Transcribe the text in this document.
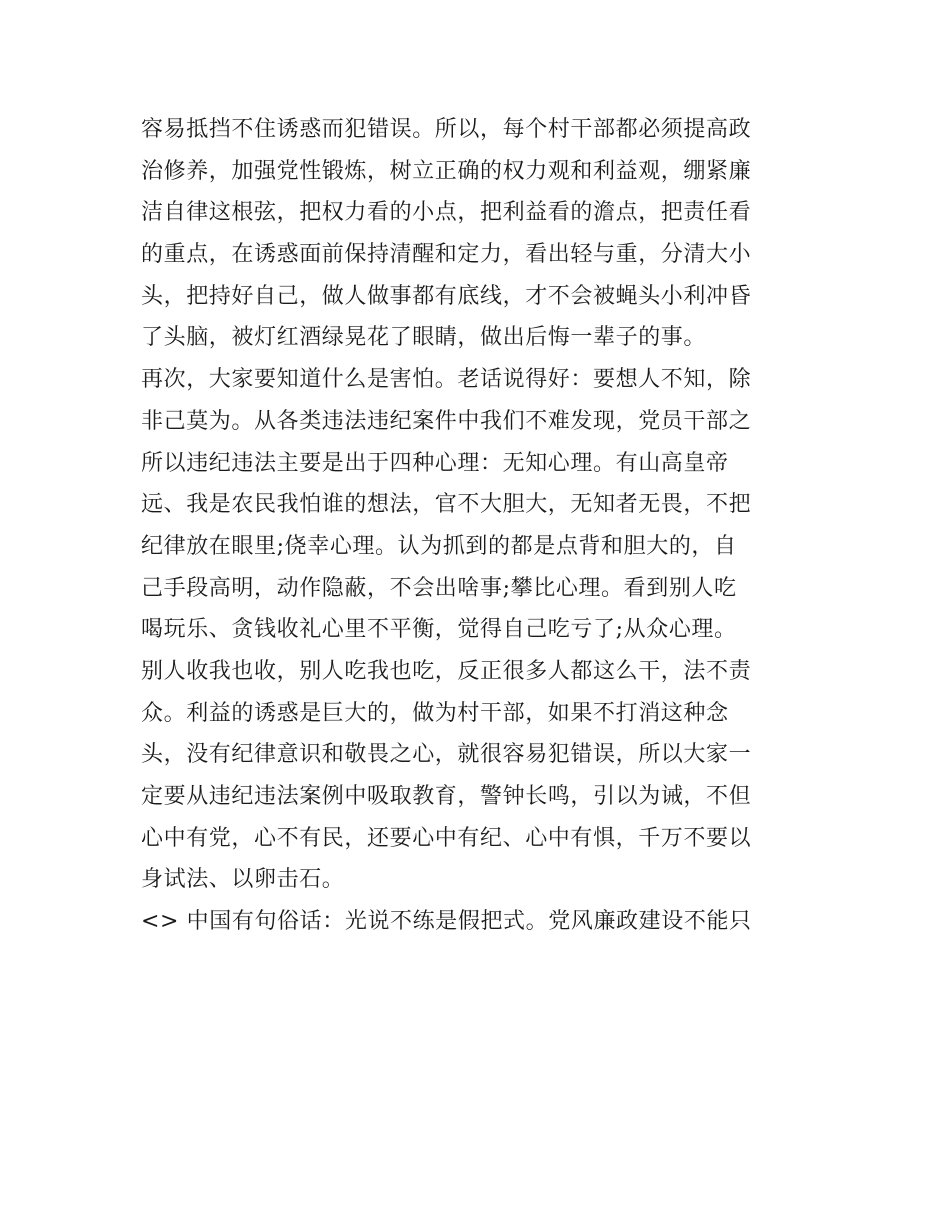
容易抵挡不住诱惑而犯错误。所以，每个村干部都必须提高政
治修养，加强党性锻炼，树立正确的权力观和利益观，绷紧廉
洁自律这根弦，把权力看的小点，把利益看的澹点，把责任看
的重点，在诱惑面前保持清醒和定力，看出轻与重，分清大小
头，把持好自己，做人做事都有底线，才不会被蝇头小利冲昏
了头脑，被灯红酒绿晃花了眼睛，做出后悔一辈子的事。
再次，大家要知道什么是害怕。老话说得好：要想人不知，除
非己莫为。从各类违法违纪案件中我们不难发现，党员干部之
所以违纪违法主要是出于四种心理：无知心理。有山高皇帝
远、我是农民我怕谁的想法，官不大胆大，无知者无畏，不把
纪律放在眼里;侥幸心理。认为抓到的都是点背和胆大的，自
己手段高明，动作隐蔽，不会出啥事;攀比心理。看到别人吃
喝玩乐、贪钱收礼心里不平衡，觉得自己吃亏了;从众心理。
别人收我也收，别人吃我也吃，反正很多人都这么干，法不责
众。利益的诱惑是巨大的，做为村干部，如果不打消这种念
头，没有纪律意识和敬畏之心，就很容易犯错误，所以大家一
定要从违纪违法案例中吸取教育，警钟长鸣，引以为诫，不但
心中有党，心不有民，还要心中有纪、心中有惧，千万不要以
身试法、以卵击石。
<> 中国有句俗话：光说不练是假把式。党风廉政建设不能只
